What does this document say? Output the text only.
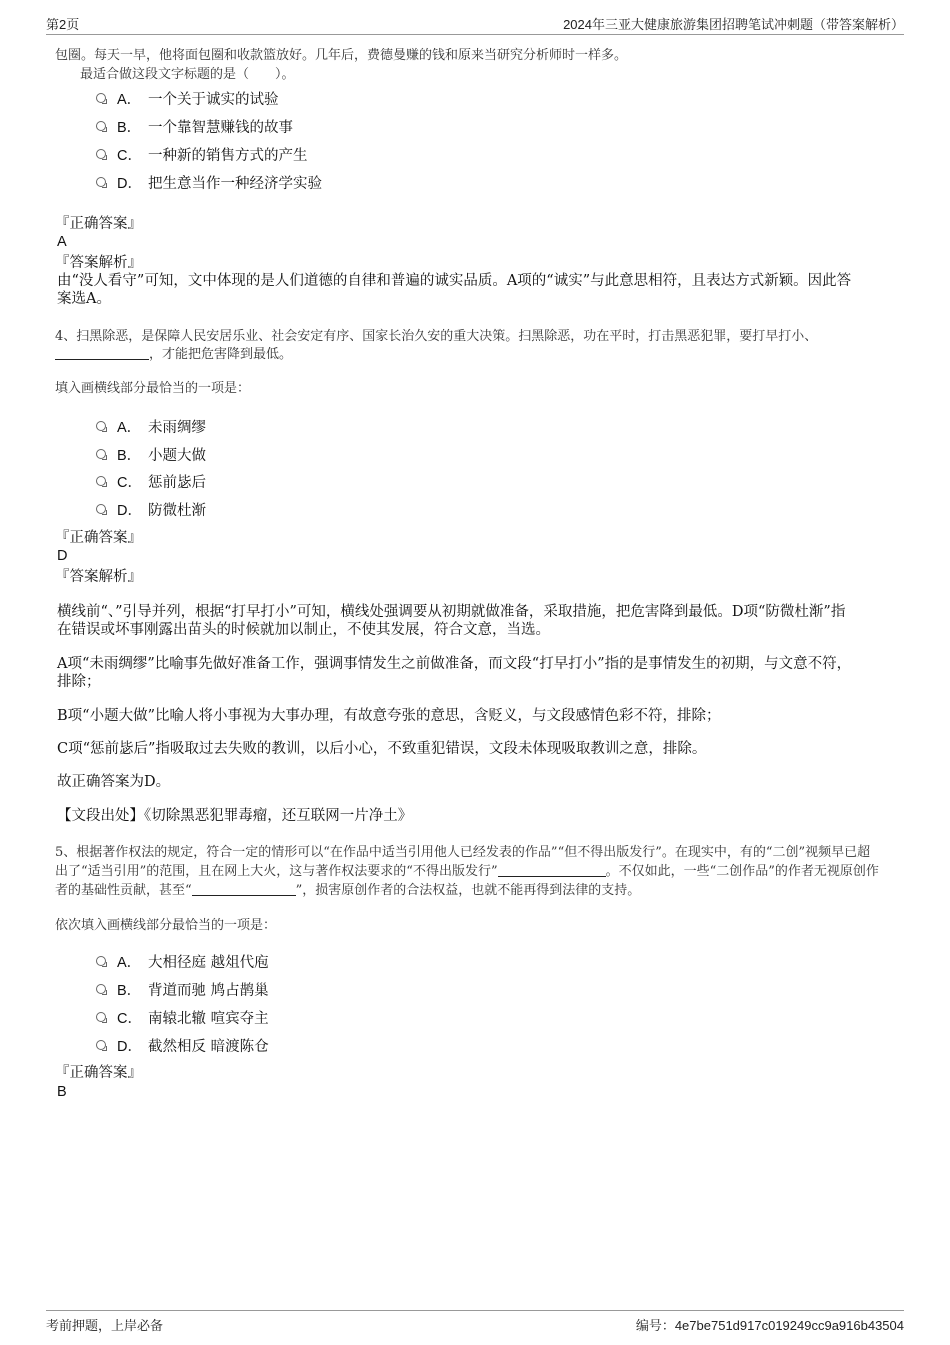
第2页	2024年三亚大健康旅游集团招聘笔试冲刺题（带答案解析）
包圈。每天一早，他将面包圈和收款篮放好。几年后，费德曼赚的钱和原来当研究分析师时一样多。
最适合做这段文字标题的是（　　）。
A． 一个关于诚实的试验
B． 一个靠智慧赚钱的故事
C． 一种新的销售方式的产生
D． 把生意当作一种经济学实验
『正确答案』
A
『答案解析』
由“没人看守”可知，文中体现的是人们道德的自律和普遍的诚实品质。A项的“诚实”与此意思相符，且表达方式新颖。因此答
案选A。
4、扫黑除恶，是保障人民安居乐业、社会安定有序、国家长治久安的重大决策。扫黑除恶，功在平时，打击黑恶犯罪，要打早打小、
，才能把危害降到最低。
填入画横线部分最恰当的一项是：
A． 未雨绸缪
B． 小题大做
C． 惩前毖后
D． 防微杜渐
『正确答案』
D
『答案解析』
横线前“、”引导并列，根据“打早打小”可知，横线处强调要从初期就做准备，采取措施，把危害降到最低。D项“防微杜渐”指
在错误或坏事刚露出苗头的时候就加以制止，不使其发展，符合文意，当选。
A项“未雨绸缪”比喻事先做好准备工作，强调事情发生之前做准备，而文段“打早打小”指的是事情发生的初期，与文意不符，
排除；
B项“小题大做”比喻人将小事视为大事办理，有故意夸张的意思，含贬义，与文段感情色彩不符，排除；
C项“惩前毖后”指吸取过去失败的教训，以后小心，不致重犯错误，文段未体现吸取教训之意，排除。
故正确答案为D。
【文段出处】《切除黑恶犯罪毒瘤，还互联网一片净土》
5、根据著作权法的规定，符合一定的情形可以“在作品中适当引用他人已经发表的作品”“但不得出版发行”。在现实中，有的“二创”视频早已超
出了“适当引用”的范围，且在网上大火，这与著作权法要求的“不得出版发行”	。不仅如此，一些“二创作品”的作者无视原创作
者的基础性贡献，甚至“	”，损害原创作者的合法权益，也就不能再得到法律的支持。
依次填入画横线部分最恰当的一项是：
A． 大相径庭 越俎代庖
B． 背道而驰 鸠占鹊巢
C． 南辕北辙 喧宾夺主
D． 截然相反 暗渡陈仓
『正确答案』
B
考前押题，上岸必备	编号：4e7be751d917c019249cc9a916b43504
